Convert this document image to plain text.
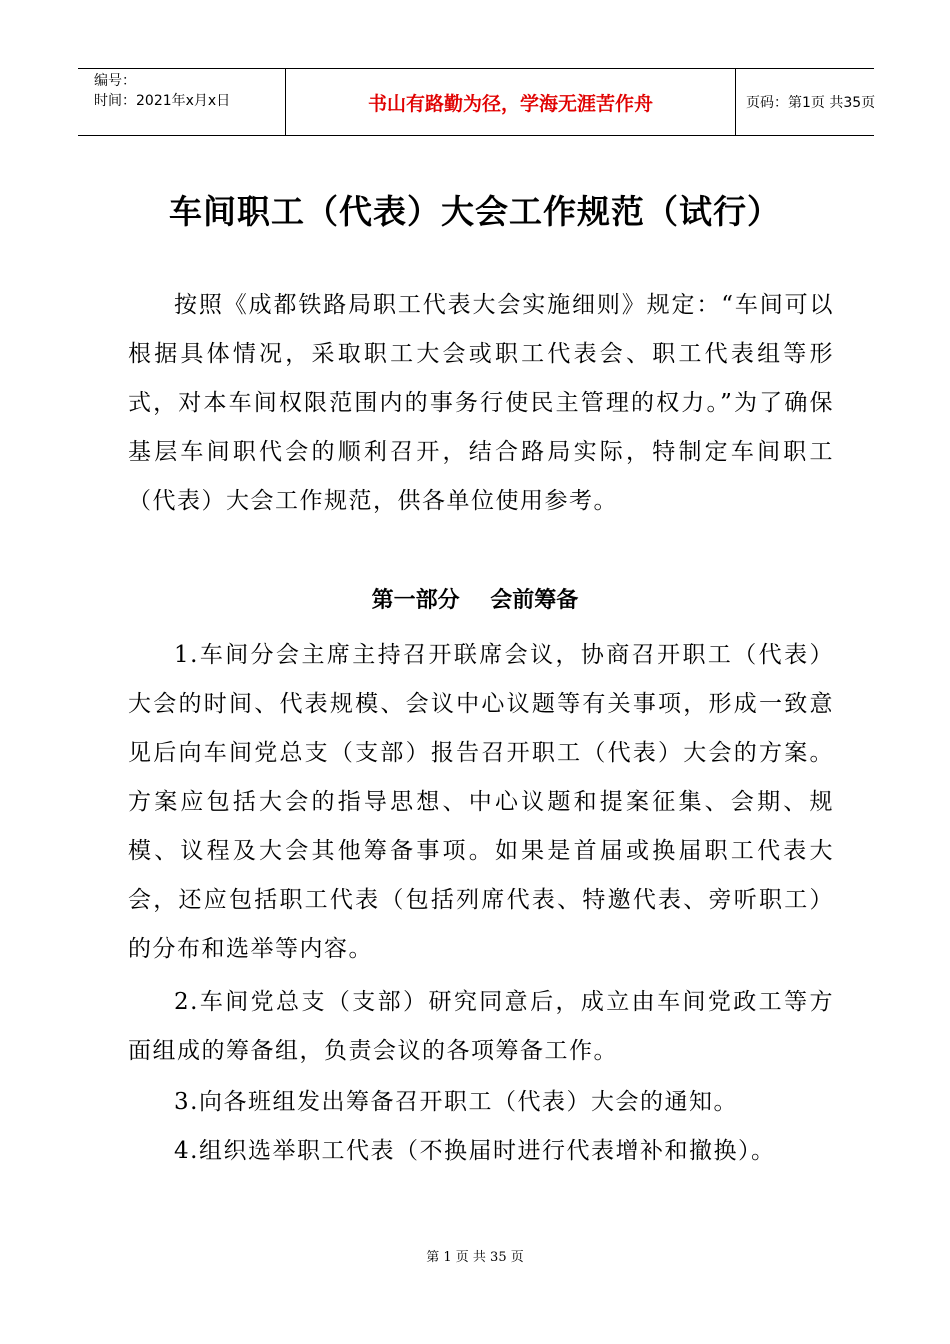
编号：
时间：2021年x月x日	书山有路勤为径，学海无涯苦作舟	页码：第1页 共35页
车间职工（代表）大会工作规范（试行）

按照《成都铁路局职工代表大会实施细则》规定：“车间可以根据具体情况，采取职工大会或职工代表会、职工代表组等形式，对本车间权限范围内的事务行使民主管理的权力。”为了确保基层车间职代会的顺利召开，结合路局实际，特制定车间职工（代表）大会工作规范，供各单位使用参考。

第一部分    会前筹备

1.车间分会主席主持召开联席会议，协商召开职工（代表）大会的时间、代表规模、会议中心议题等有关事项，形成一致意见后向车间党总支（支部）报告召开职工（代表）大会的方案。方案应包括大会的指导思想、中心议题和提案征集、会期、规模、议程及大会其他筹备事项。如果是首届或换届职工代表大会，还应包括职工代表（包括列席代表、特邀代表、旁听职工）的分布和选举等内容。

2.车间党总支（支部）研究同意后，成立由车间党政工等方面组成的筹备组，负责会议的各项筹备工作。

3.向各班组发出筹备召开职工（代表）大会的通知。

4.组织选举职工代表（不换届时进行代表增补和撤换）。

第 1 页 共 35 页
